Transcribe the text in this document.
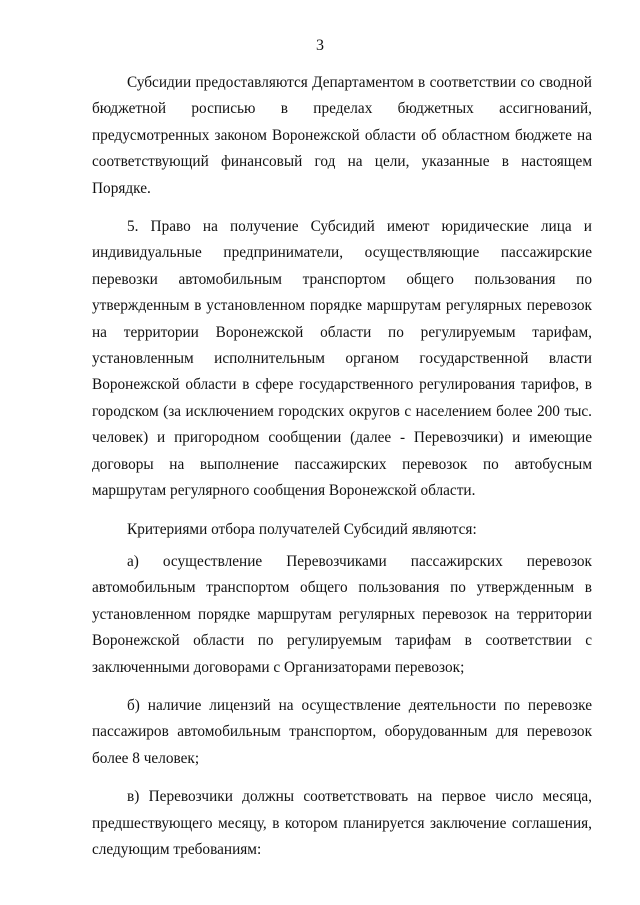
3

Субсидии предоставляются Департаментом в соответствии со сводной бюджетной росписью в пределах бюджетных ассигнований, предусмотренных законом Воронежской области об областном бюджете на соответствующий финансовый год на цели, указанные в настоящем Порядке.

5. Право на получение Субсидий имеют юридические лица и индивидуальные предприниматели, осуществляющие пассажирские перевозки автомобильным транспортом общего пользования по утвержденным в установленном порядке маршрутам регулярных перевозок на территории Воронежской области по регулируемым тарифам, установленным исполнительным органом государственной власти Воронежской области в сфере государственного регулирования тарифов, в городском (за исключением городских округов с населением более 200 тыс. человек) и пригородном сообщении (далее - Перевозчики) и имеющие договоры на выполнение пассажирских перевозок по автобусным маршрутам регулярного сообщения Воронежской области.

Критериями отбора получателей Субсидий являются:

а) осуществление Перевозчиками пассажирских перевозок автомобильным транспортом общего пользования по утвержденным в установленном порядке маршрутам регулярных перевозок на территории Воронежской области по регулируемым тарифам в соответствии с заключенными договорами с Организаторами перевозок;

б) наличие лицензий на осуществление деятельности по перевозке пассажиров автомобильным транспортом, оборудованным для перевозок более 8 человек;

в) Перевозчики должны соответствовать на первое число месяца, предшествующего месяцу, в котором планируется заключение соглашения, следующим требованиям:
